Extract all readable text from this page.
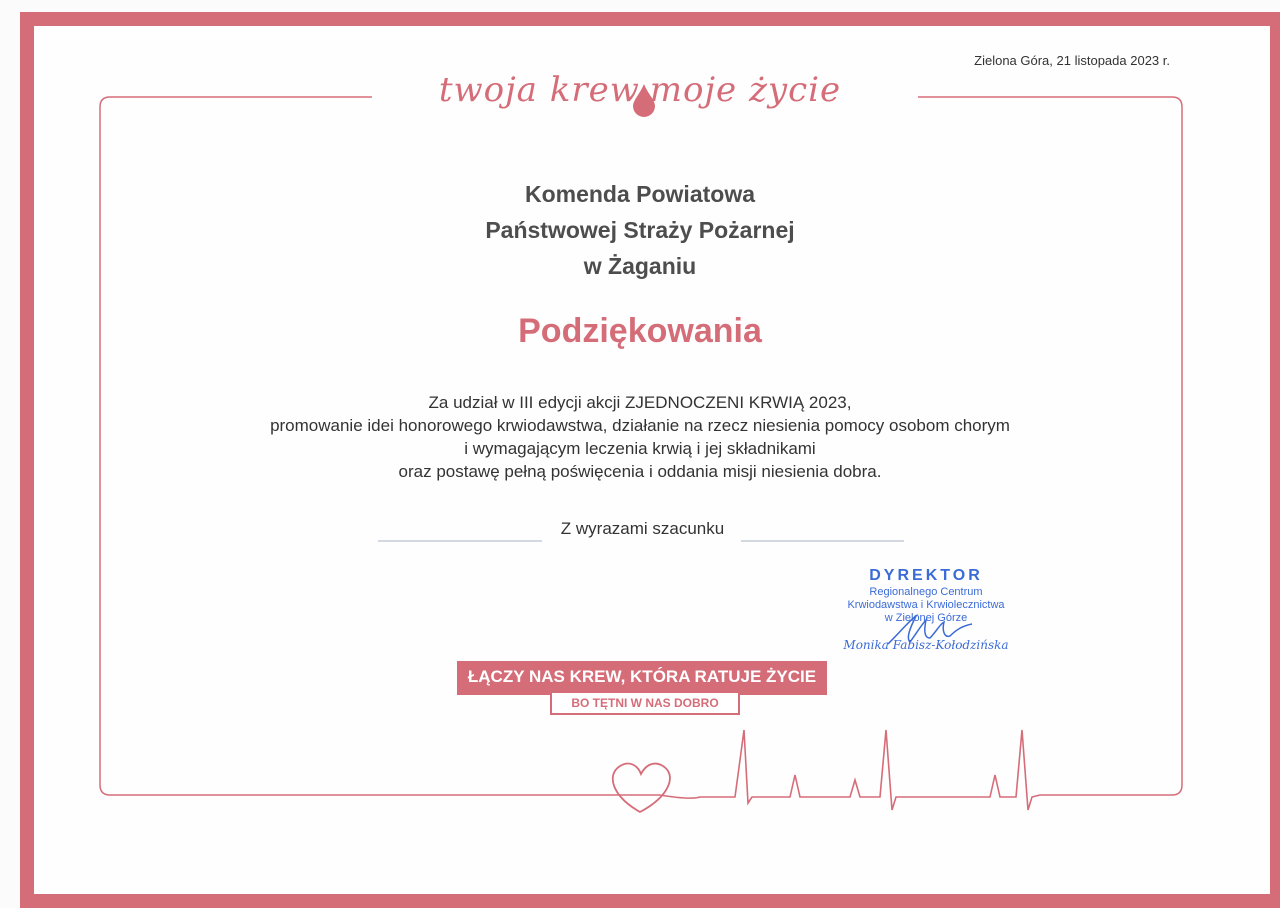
Zielona Góra, 21 listopada 2023 r.
twoja krew moje życie
Komenda Powiatowa
Państwowej Straży Pożarnej
w Żaganiu
Podziękowania
Za udział w III edycji akcji ZJEDNOCZENI KRWIĄ 2023,
promowanie idei honorowego krwiodawstwa, działanie na rzecz niesienia pomocy osobom chorym
i wymagającym leczenia krwią i jej składnikami
oraz postawę pełną poświęcenia i oddania misji niesienia dobra.
Z wyrazami szacunku
DYREKTOR
Regionalnego Centrum
Krwiodawstwa i Krwiolecznictwa
w Zielonej Górze
Monika Fabisz-Kołodzińska
ŁĄCZY NAS KREW, KTÓRA RATUJE ŻYCIE
BO TĘTNI W NAS DOBRO
